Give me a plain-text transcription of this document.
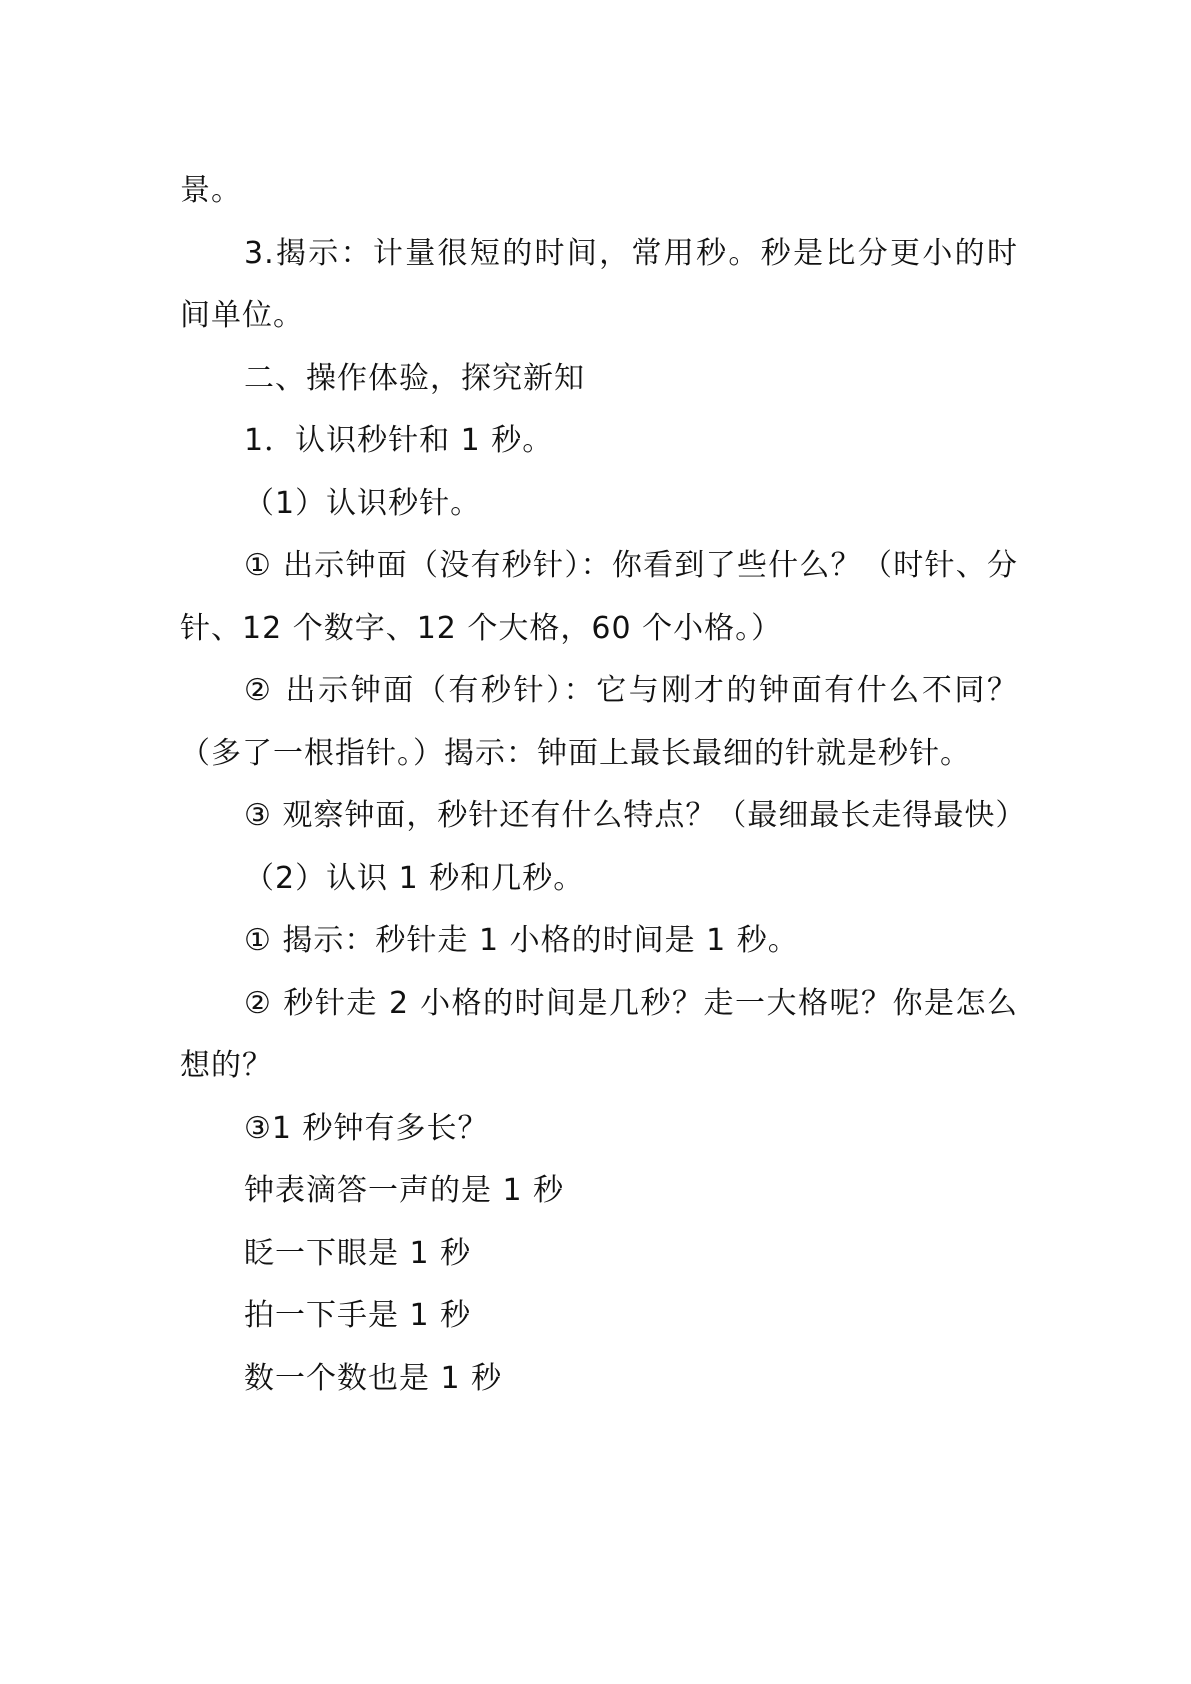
景。

3.揭示：计量很短的时间，常用秒。秒是比分更小的时间单位。

二、操作体验，探究新知

1．认识秒针和 1 秒。

（1）认识秒针。

① 出示钟面（没有秒针）：你看到了些什么？（时针、分针、12 个数字、12 个大格，60 个小格。）

② 出示钟面（有秒针）：它与刚才的钟面有什么不同？（多了一根指针。）揭示：钟面上最长最细的针就是秒针。

③ 观察钟面，秒针还有什么特点？（最细最长走得最快）

（2）认识 1 秒和几秒。

① 揭示：秒针走 1 小格的时间是 1 秒。

② 秒针走 2 小格的时间是几秒？走一大格呢？你是怎么想的？

③1 秒钟有多长？

钟表滴答一声的是 1 秒

眨一下眼是 1 秒

拍一下手是 1 秒

数一个数也是 1 秒
